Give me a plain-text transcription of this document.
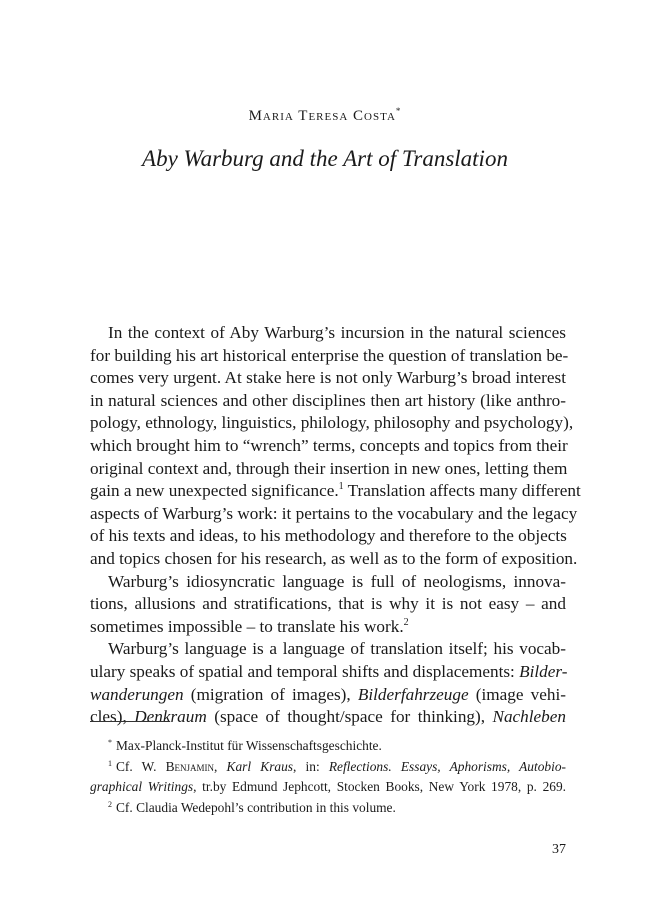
Maria Teresa Costa*
Aby Warburg and the Art of Translation
In the context of Aby Warburg’s incursion in the natural sciences
for building his art historical enterprise the question of translation be-
comes very urgent. At stake here is not only Warburg’s broad interest
in natural sciences and other disciplines then art history (like anthro-
pology, ethnology, linguistics, philology, philosophy and psychology),
which brought him to “wrench” terms, concepts and topics from their
original context and, through their insertion in new ones, letting them
gain a new unexpected significance.$^1$ Translation affects many different
aspects of Warburg’s work: it pertains to the vocabulary and the legacy
of his texts and ideas, to his methodology and therefore to the objects
and topics chosen for his research, as well as to the form of exposition.
Warburg’s idiosyncratic language is full of neologisms, innova-
tions, allusions and stratifications, that is why it is not easy – and
sometimes impossible – to translate his work.$^2$
Warburg’s language is a language of translation itself; his vocab-
ulary speaks of spatial and temporal shifts and displacements: Bilder-
wanderungen (migration of images), Bilderfahrzeuge (image vehi-
cles), Denkraum (space of thought/space for thinking), Nachleben
* Max-Planck-Institut für Wissenschaftsgeschichte.
$^1$ Cf. W. Benjamin, Karl Kraus, in: Reflections. Essays, Aphorisms, Autobio-
graphical Writings, tr.by Edmund Jephcott, Stocken Books, New York 1978, p. 269.
$^2$ Cf. Claudia Wedepohl’s contribution in this volume.
37
